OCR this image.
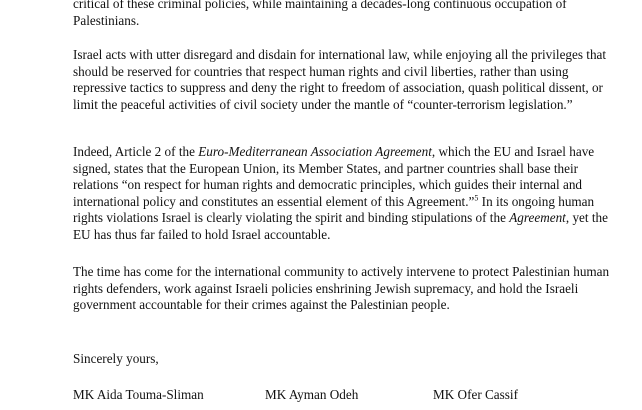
critical of these criminal policies, while maintaining a decades-long continuous occupation of
Palestinians.

Israel acts with utter disregard and disdain for international law, while enjoying all the privileges that should be reserved for countries that respect human rights and civil liberties, rather than using repressive tactics to suppress and deny the right to freedom of association, quash political dissent, or limit the peaceful activities of civil society under the mantle of “counter-terrorism legislation.”

Indeed, Article 2 of the Euro-Mediterranean Association Agreement, which the EU and Israel have signed, states that the European Union, its Member States, and partner countries shall base their relations “on respect for human rights and democratic principles, which guides their internal and international policy and constitutes an essential element of this Agreement.”$^5$ In its ongoing human rights violations Israel is clearly violating the spirit and binding stipulations of the Agreement, yet the EU has thus far failed to hold Israel accountable.

The time has come for the international community to actively intervene to protect Palestinian human rights defenders, work against Israeli policies enshrining Jewish supremacy, and hold the Israeli government accountable for their crimes against the Palestinian people.

Sincerely yours,

MK Aida Touma-Sliman	MK Ayman Odeh	MK Ofer Cassif
